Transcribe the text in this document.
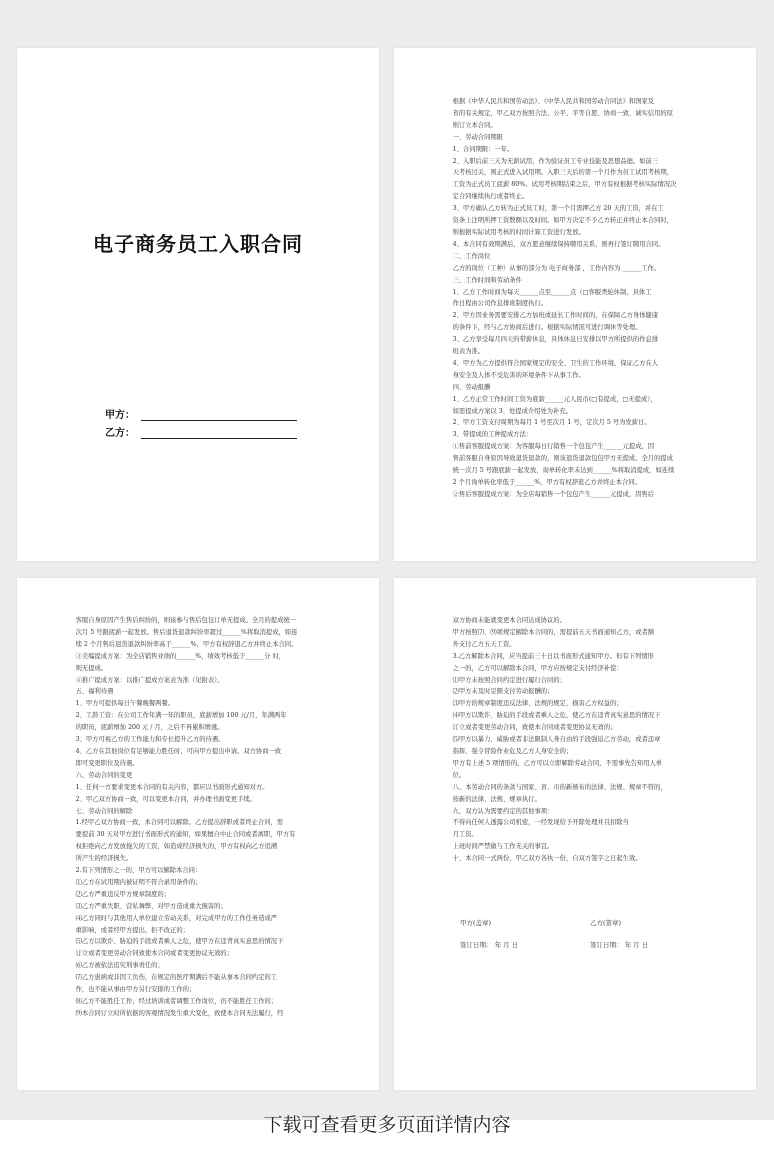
电子商务员工入职合同
甲方：
乙方：

根据《中华人民共和国劳动法》、《中华人民共和国劳动合同法》和国家及

省的有关规定，甲乙双方按照合法、公平、平等自愿、协商一致、诚实信用的原

则订立本合同。

一、劳动合同期限

1、合同期限：一年。

2、入职后前三天为无薪试用，作为验证员工专业技能及思想品德。如前三

天考核过关，则正式进入试用期。入职三天后的第一个月作为员工试用考核期，

工资为正式员工底薪 80%。试用考核期结束之后，甲方有权根据考核实际情况决

定合同继续执行或者终止。

3、甲方确认乙方转为正式员工时，第一个月需押乙方 20 天的工资，并在工

资条上注明所押工资数额以及时间。如甲方决定不予乙方转正并终止本合同时，

则根据实际试用考核的时间计算工资进行发放。

4、本合同有效期满后，双方愿意继续保持聘用关系，则再行签订聘用合同。

二、工作岗位

乙方的岗位（工种）从事的部分为 电子商务部 ，工作内容为 ______工作。

三、工作时间和劳动条件

1、乙方工作时间为每天______点至______点（□客服类轮休制，具体工

作日程由公司作息排班制度执行。

2、甲方因业务需要安排乙方加班或延长工作时间的，在保障乙方身体健康

的条件下，经与乙方协商后进行。根据实际情况可进行调休等处理。

3、乙方享受每月四天的带薪休息，具体休息日安排以甲方所提供的作息排

班表为准。

4、甲方为乙方提供符合国家规定的安全、卫生的工作环境，保证乙方在人

身安全及人体不受危害的环境条件下从事工作。

四、劳动报酬

1、乙方正常工作时间工资为底薪______元人民币(□有提成，□无提成），

如需提成方案以 3、处提成介绍处为补充。

2、甲方工资支付周期为每月 1 号至次月 1 号，定次月 5 号为发薪日。

3、带提成的工种提成方法：

①售前客服提成方案：为客服每日行销售一个包包产生______元提成，因

售前客服自身原因导致退货退款的，则该退货退款包包甲方无提成。全月的提成

统一次月 5 号跟底薪一起发放，询单转化率未达到______%将取消提成，如连续

2 个月询单转化率低于______%，甲方有权辞退乙方并终止本合同。

②售后客服提成方案：为全店每销售一个包包产生______元提成，因售后

客服自身原因产生售后纠纷的，则该参与售后包包订单无提成。全月的提成统一

次月 5 号跟底薪一起发放。售后退货退款纠纷率超过______%将取消提成，如连

续 2 个月售后退货退款纠纷率高于______%，甲方有权辞退乙方并终止本合同。

③美编提成方案：为全店销售业绩的______%，绩效考核低于______分 时，

则无提成。

④推广提成方案：以推广提成方案表为准（见附表）。

五、福利待遇

1、甲方可提供每日午餐晚餐两餐。

2、工龄工资：在公司工作年满一年的职员，底薪增加 100 元/月，年满两年

的职员，底薪增加 200 元 / 月，之后不再累积增涨。

3、甲方可视乙方的工作能力和专长提升乙方的待遇。

4、乙方在其他岗位有足够能力胜任时，可向甲方提出申请。双方协商一致

即可变更职位及待遇。

六、劳动合同的变更

1、任何一方要求变更本合同的有关内容，都应以书面形式通知对方。

2、甲乙双方协商一致，可以变更本合同，并办理书面变更手续。

七、劳动合同的解除

1.经甲乙双方协商一致，本合同可以解除。乙方提出辞职或者终止合同，需

要提前 30 天对甲方进行书面形式的通知，如果擅自中止合同或者离职，甲方有

权拒绝向乙方发放拖欠的工资，如造成经济损失的，甲方有权向乙方追溯

所产生的经济损失。

2.有下列情形之一的，甲方可以解除本合同：

⑴乙方在试用期内被证明不符合录用条件的；

⑵乙方严重违反甲方规章制度的；

⑶乙方严重失职、营私舞弊、对甲方造成重大损害的；

⑷乙方同时与其他用人单位建立劳动关系，对完成甲方的工作任务造成严

重影响，或者经甲方提出，拒不改正的；

⑸乙方以欺诈、胁迫的手段或者乘人之危，使甲方在违背真实意思的情况下

订立或者变更劳动合同致使本合同或者变更协议无效的；

⑹乙方被依法追究刑事责任的；

⑺乙方患病或非因工负伤，在规定的医疗期满后不能从事本合同约定的工

作，也不能从事由甲方另行安排的工作的；

⑻乙方不能胜任工作，经过培训或者调整工作岗位，仍不能胜任工作的；

⑼本合同订立时所依据的客观情况发生重大变化，致使本合同无法履行，经

双方协商未能就变更本合同达成协议的。

甲方按照⑺、⑼项规定解除本合同的，需提前五天书面通知乙方，或者额

外支付乙方五天工资。

3.乙方解除本合同，应当提前三十日以书面形式通知甲方。但有下列情形

之一的，乙方可以解除本合同，甲方应按规定支付经济补偿：

⑴甲方未按照合同约定进行履行合同的；

⑵甲方未及时足额支付劳动报酬的；

⑶甲方的规章制度违反法律、法规的规定，损害乙方权益的；

⑷甲方以欺诈、胁迫的手段或者乘人之危，使乙方在违背真实意思的情况下

订立或者变更劳动合同，致使本合同或者变更协议无效的；

⑸甲方以暴力、威胁或者非法限制人身自由的手段强迫乙方劳动，或者违章

指挥、强令冒险作业危及乙方人身安全的；

甲方有上述 5 项情形的，乙方可以立即解除劳动合同，不需事先告知用人单

位。

八、本劳动合同的条款与国家、省、市的新颁布的法律、法规、规章不符的，

按新的法律、法规、规章执行。

九、双方认为需要约定的其他事项：

不得向任何人透露公司机密，一经发现给予开除处理并且扣除当

月工资。

上班时间严禁做与工作无关的事宜。

十、本合同一式两份，甲乙双方各执一份，自双方签字之日起生效。

甲方(盖章)	乙方(签章)
签订日期： 年 月 日	签订日期： 年 月 日
下载可查看更多页面详情内容
